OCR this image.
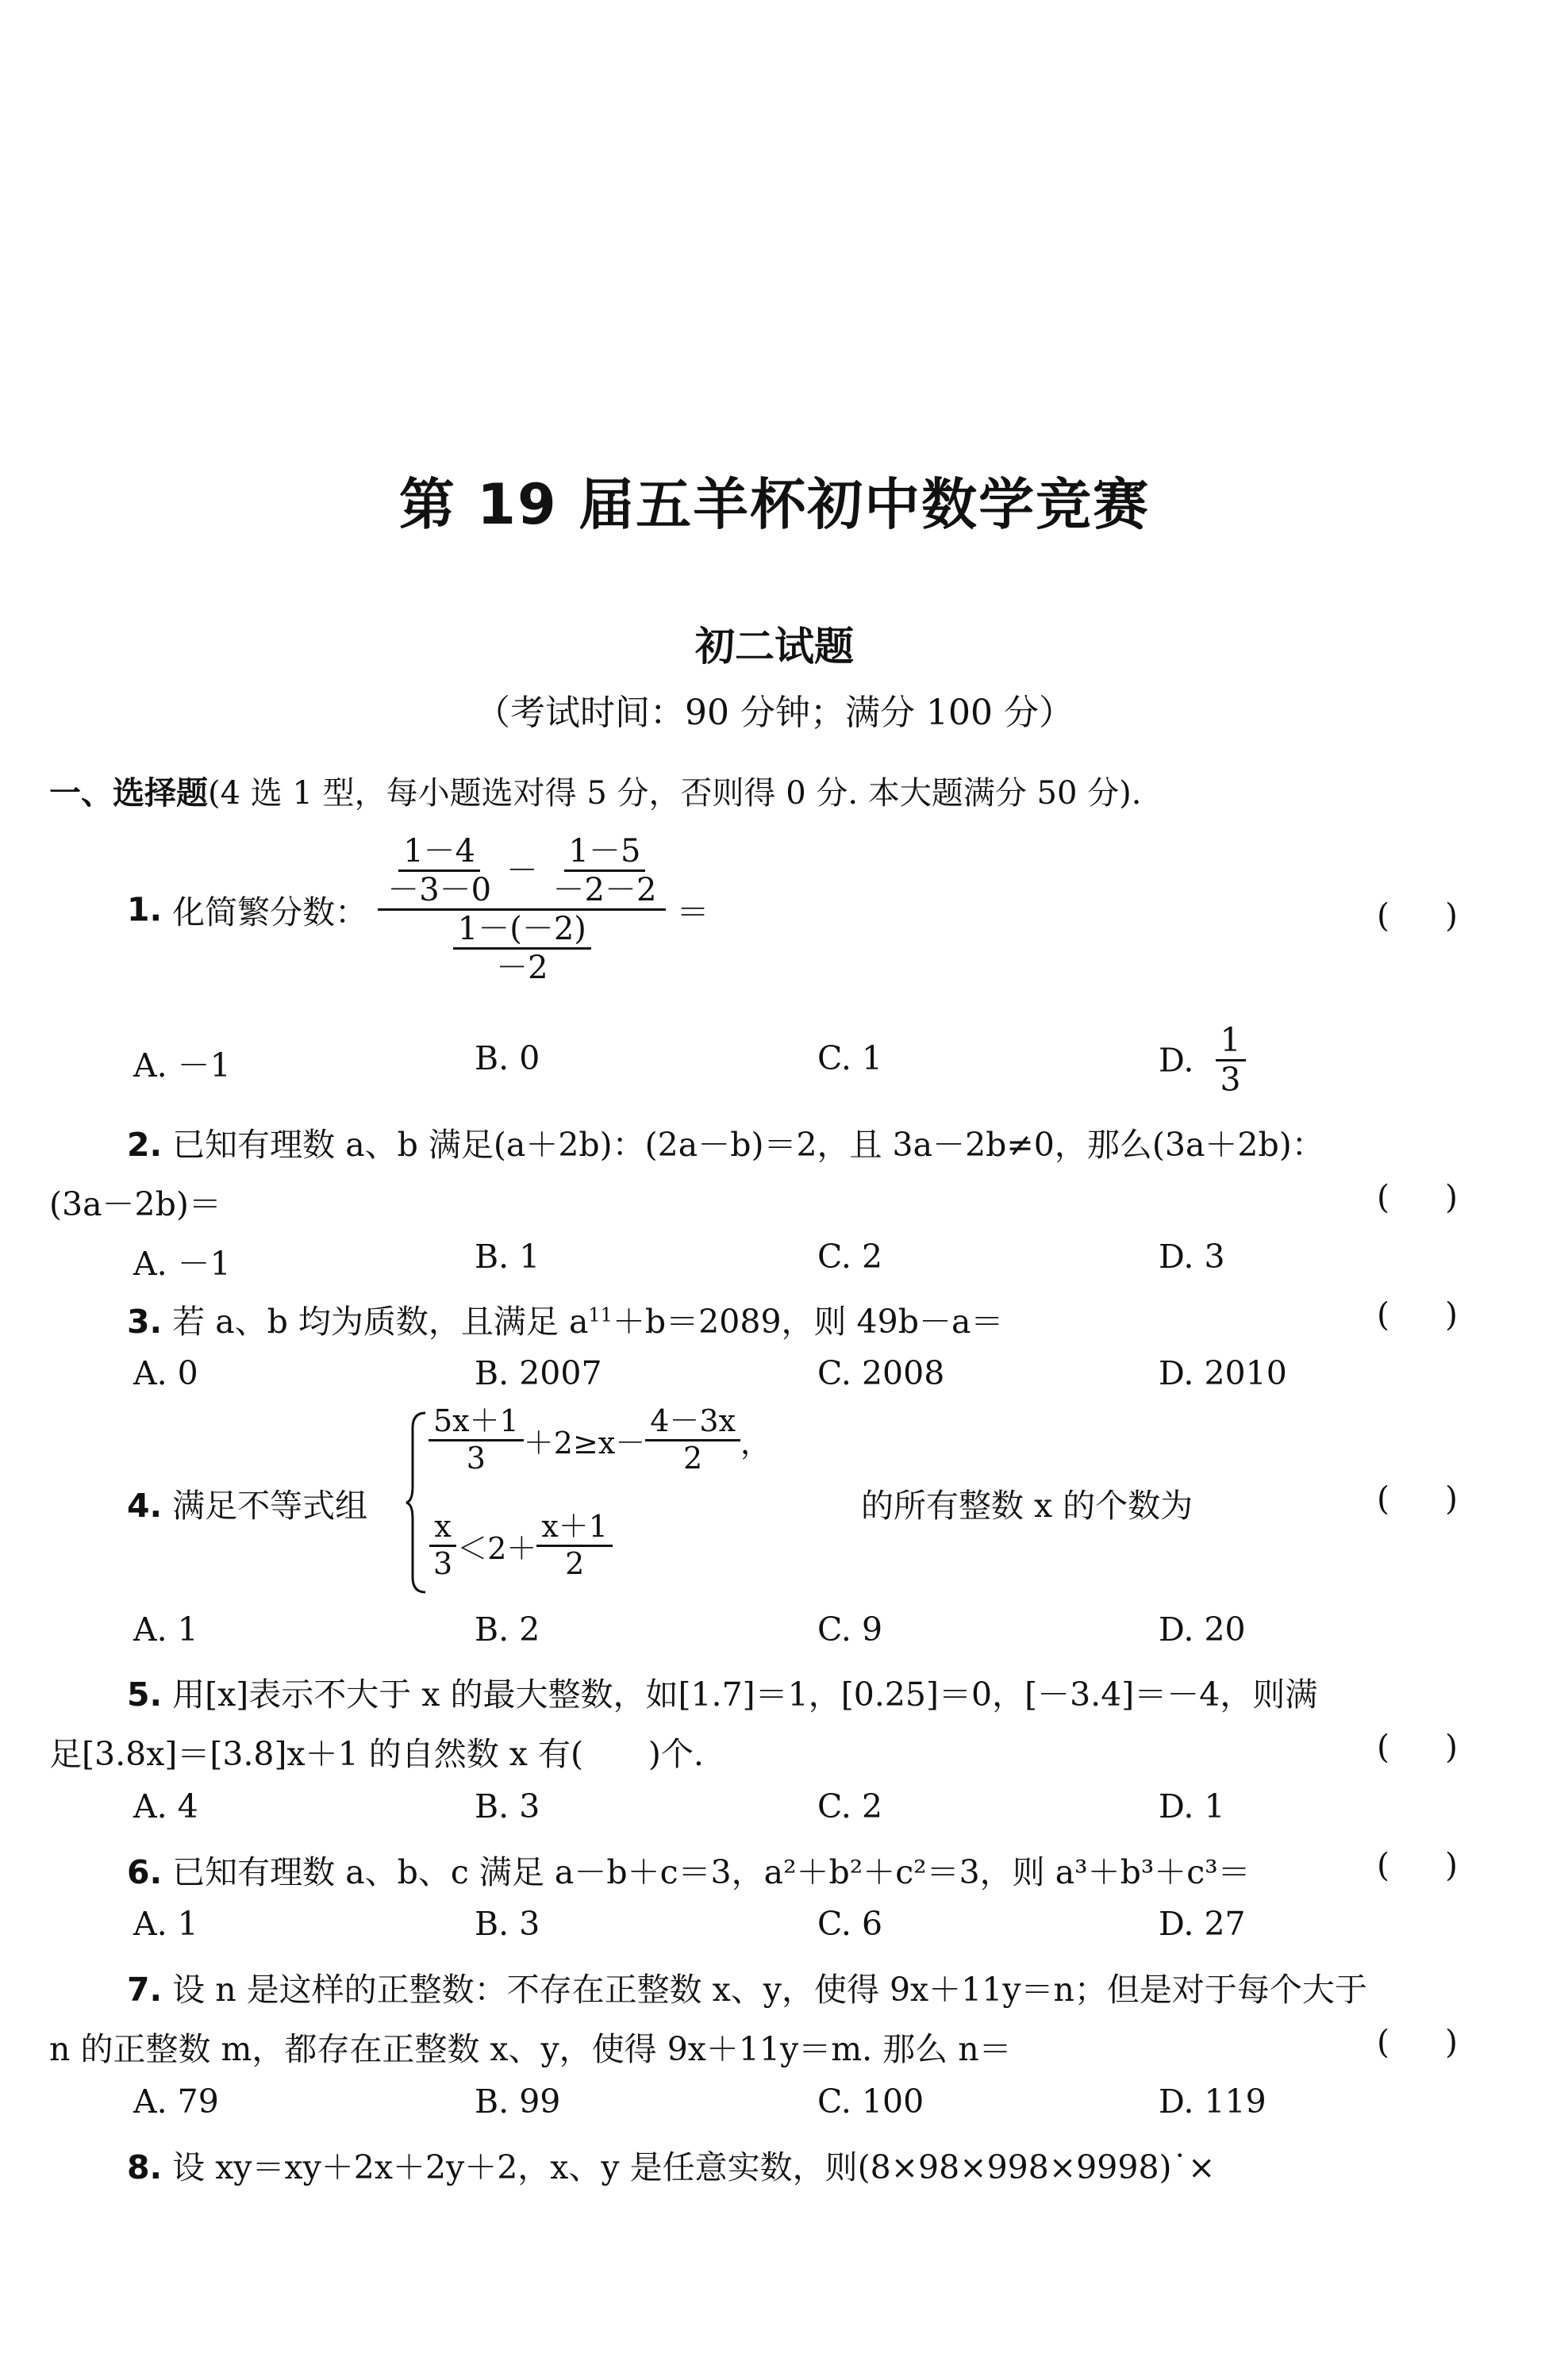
第 19 届五羊杯初中数学竞赛
初二试题
（考试时间：90 分钟；满分 100 分）
一、选择题(4 选 1 型，每小题选对得 5 分，否则得 0 分. 本大题满分 50 分).
1. 化简繁分数：
$\frac{1-4}{-3-0} - \frac{1-5}{-2-2}$
$\frac{1-(-2)}{-2}$	＝	( )
A. －1	B. 0	C. 1	D. $\frac{1}{3}$
2. 已知有理数 a、b 满足(a＋2b)：(2a－b)＝2，且 3a－2b≠0，那么(3a＋2b)：
(3a－2b)＝	( )
A. －1	B. 1	C. 2	D. 3
3. 若 a、b 均为质数，且满足 $a^{11}+b=2089$，则 49b－a＝	( )
A. 0	B. 2007	C. 2008	D. 2010
4. 满足不等式组
$\frac{5x+1}{3} +2\ge x- \frac{4-3x}{2}$ ，
$\frac{x}{3} <2+ \frac{x+1}{2}$
的所有整数 x 的个数为	( )
A. 1	B. 2	C. 9	D. 20
5. 用[x]表示不大于 x 的最大整数，如[1.7]＝1，[0.25]＝0，[－3.4]＝－4，则满
足[3.8x]＝[3.8]x＋1 的自然数 x 有(　　)个.	( )
A. 4	B. 3	C. 2	D. 1
6. 已知有理数 a、b、c 满足 a－b＋c＝3，a²＋b²＋c²＝3，则 a³＋b³＋c³＝	( )
A. 1	B. 3	C. 6	D. 27
7. 设 n 是这样的正整数：不存在正整数 x、y，使得 9x＋11y＝n；但是对于每个大于
n 的正整数 m，都存在正整数 x、y，使得 9x＋11y＝m. 那么 n＝	( )
A. 79	B. 99	C. 100	D. 119
8. 设 xy＝xy＋2x＋2y＋2，x、y 是任意实数，则(8×98×998×9998)˙×
